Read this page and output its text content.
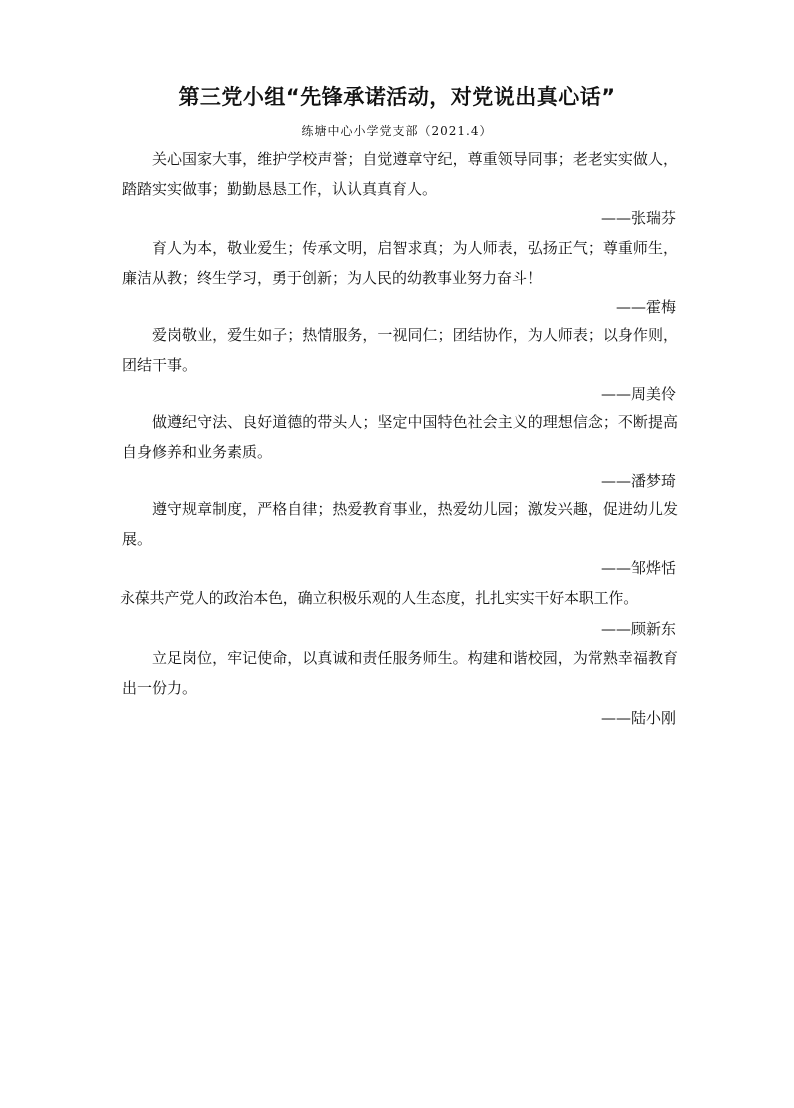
第三党小组“先锋承诺活动，对党说出真心话”
练塘中心小学党支部（2021.4）

关心国家大事，维护学校声誉；自觉遵章守纪，尊重领导同事；老老实实做人，踏踏实实做事；勤勤恳恳工作，认认真真育人。

——张瑞芬

育人为本，敬业爱生；传承文明，启智求真；为人师表，弘扬正气；尊重师生，廉洁从教；终生学习，勇于创新；为人民的幼教事业努力奋斗！

——霍梅

爱岗敬业，爱生如子；热情服务，一视同仁；团结协作，为人师表；以身作则，团结干事。

——周美伶

做遵纪守法、良好道德的带头人；坚定中国特色社会主义的理想信念；不断提高自身修养和业务素质。

——潘梦琦

遵守规章制度，严格自律；热爱教育事业，热爱幼儿园；激发兴趣，促进幼儿发展。

——邹烨恬

永葆共产党人的政治本色，确立积极乐观的人生态度，扎扎实实干好本职工作。

——顾新东

立足岗位，牢记使命，以真诚和责任服务师生。构建和谐校园，为常熟幸福教育出一份力。

——陆小刚
